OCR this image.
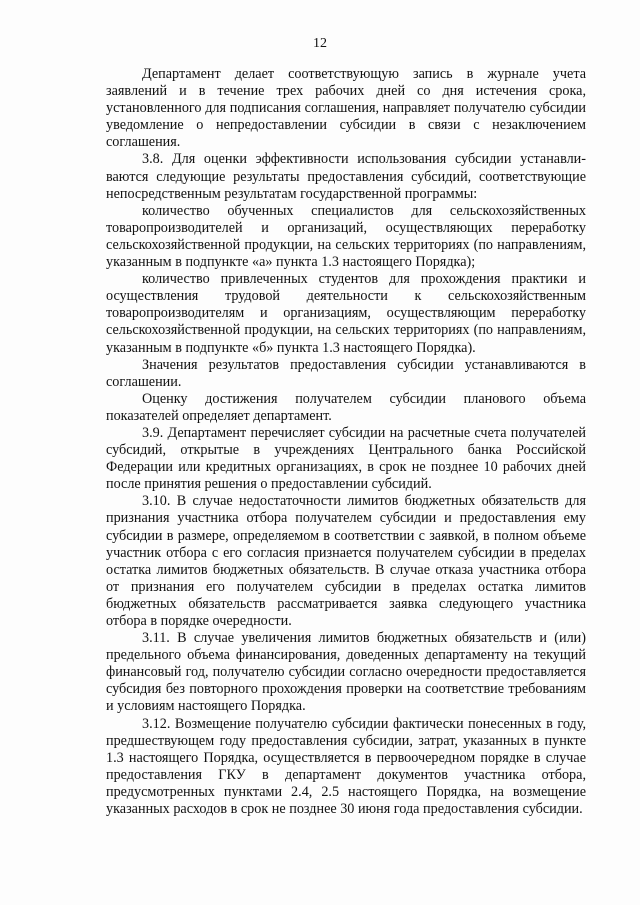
12

Департамент делает соответствующую запись в журнале учета заявлений и в течение трех рабочих дней со дня истечения срока, установленного для подписания соглашения, направляет получателю субсидии уведомление о непредоставлении субсидии в связи с незаключением соглашения.

3.8. Для оценки эффективности использования субсидии устанавливаются следующие результаты предоставления субсидий, соответствующие непосредственным результатам государственной программы:

количество обученных специалистов для сельскохозяйственных товаропроизводителей и организаций, осуществляющих переработку сельскохозяйственной продукции, на сельских территориях (по направлениям, указанным в подпункте «а» пункта 1.3 настоящего Порядка);

количество привлеченных студентов для прохождения практики и осуществления трудовой деятельности к сельскохозяйственным товаропроизводителям и организациям, осуществляющим переработку сельскохозяйственной продукции, на сельских территориях (по направлениям, указанным в подпункте «б» пункта 1.3 настоящего Порядка).

Значения результатов предоставления субсидии устанавливаются в соглашении.

Оценку достижения получателем субсидии планового объема показателей определяет департамент.

3.9. Департамент перечисляет субсидии на расчетные счета получателей субсидий, открытые в учреждениях Центрального банка Российской Федерации или кредитных организациях, в срок не позднее 10 рабочих дней после принятия решения о предоставлении субсидий.

3.10. В случае недостаточности лимитов бюджетных обязательств для признания участника отбора получателем субсидии и предоставления ему субсидии в размере, определяемом в соответствии с заявкой, в полном объеме участник отбора с его согласия признается получателем субсидии в пределах остатка лимитов бюджетных обязательств. В случае отказа участника отбора от признания его получателем субсидии в пределах остатка лимитов бюджетных обязательств рассматривается заявка следующего участника отбора в порядке очередности.

3.11. В случае увеличения лимитов бюджетных обязательств и (или) предельного объема финансирования, доведенных департаменту на текущий финансовый год, получателю субсидии согласно очередности предоставляется субсидия без повторного прохождения проверки на соответствие требованиям и условиям настоящего Порядка.

3.12. Возмещение получателю субсидии фактически понесенных в году, предшествующем году предоставления субсидии, затрат, указанных в пункте 1.3 настоящего Порядка, осуществляется в первоочередном порядке в случае предоставления ГКУ в департамент документов участника отбора, предусмотренных пунктами 2.4, 2.5 настоящего Порядка, на возмещение указанных расходов в срок не позднее 30 июня года предоставления субсидии.
